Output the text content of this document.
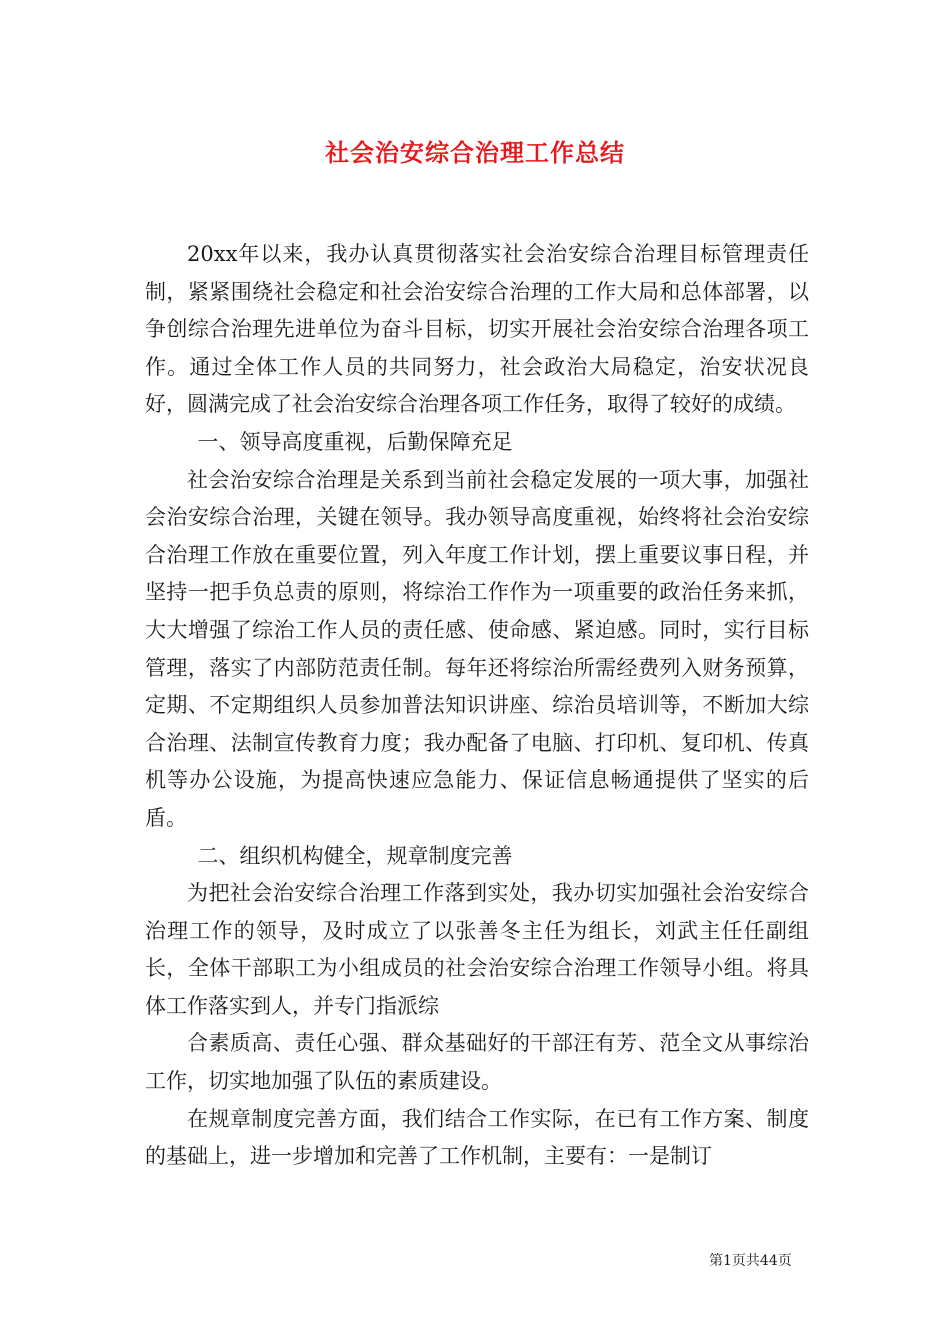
社会治安综合治理工作总结

20xx年以来，我办认真贯彻落实社会治安综合治理目标管理责任制，紧紧围绕社会稳定和社会治安综合治理的工作大局和总体部署，以争创综合治理先进单位为奋斗目标，切实开展社会治安综合治理各项工作。通过全体工作人员的共同努力，社会政治大局稳定，治安状况良好，圆满完成了社会治安综合治理各项工作任务，取得了较好的成绩。

一、领导高度重视，后勤保障充足

社会治安综合治理是关系到当前社会稳定发展的一项大事，加强社会治安综合治理，关键在领导。我办领导高度重视，始终将社会治安综合治理工作放在重要位置，列入年度工作计划，摆上重要议事日程，并坚持一把手负总责的原则，将综治工作作为一项重要的政治任务来抓，大大增强了综治工作人员的责任感、使命感、紧迫感。同时，实行目标管理，落实了内部防范责任制。每年还将综治所需经费列入财务预算，定期、不定期组织人员参加普法知识讲座、综治员培训等，不断加大综合治理、法制宣传教育力度；我办配备了电脑、打印机、复印机、传真机等办公设施，为提高快速应急能力、保证信息畅通提供了坚实的后盾。

二、组织机构健全，规章制度完善

为把社会治安综合治理工作落到实处，我办切实加强社会治安综合治理工作的领导，及时成立了以张善冬主任为组长，刘武主任任副组长，全体干部职工为小组成员的社会治安综合治理工作领导小组。将具体工作落实到人，并专门指派综

合素质高、责任心强、群众基础好的干部汪有芳、范全文从事综治工作，切实地加强了队伍的素质建设。

在规章制度完善方面，我们结合工作实际，在已有工作方案、制度的基础上，进一步增加和完善了工作机制，主要有：一是制订

第1页共44页
